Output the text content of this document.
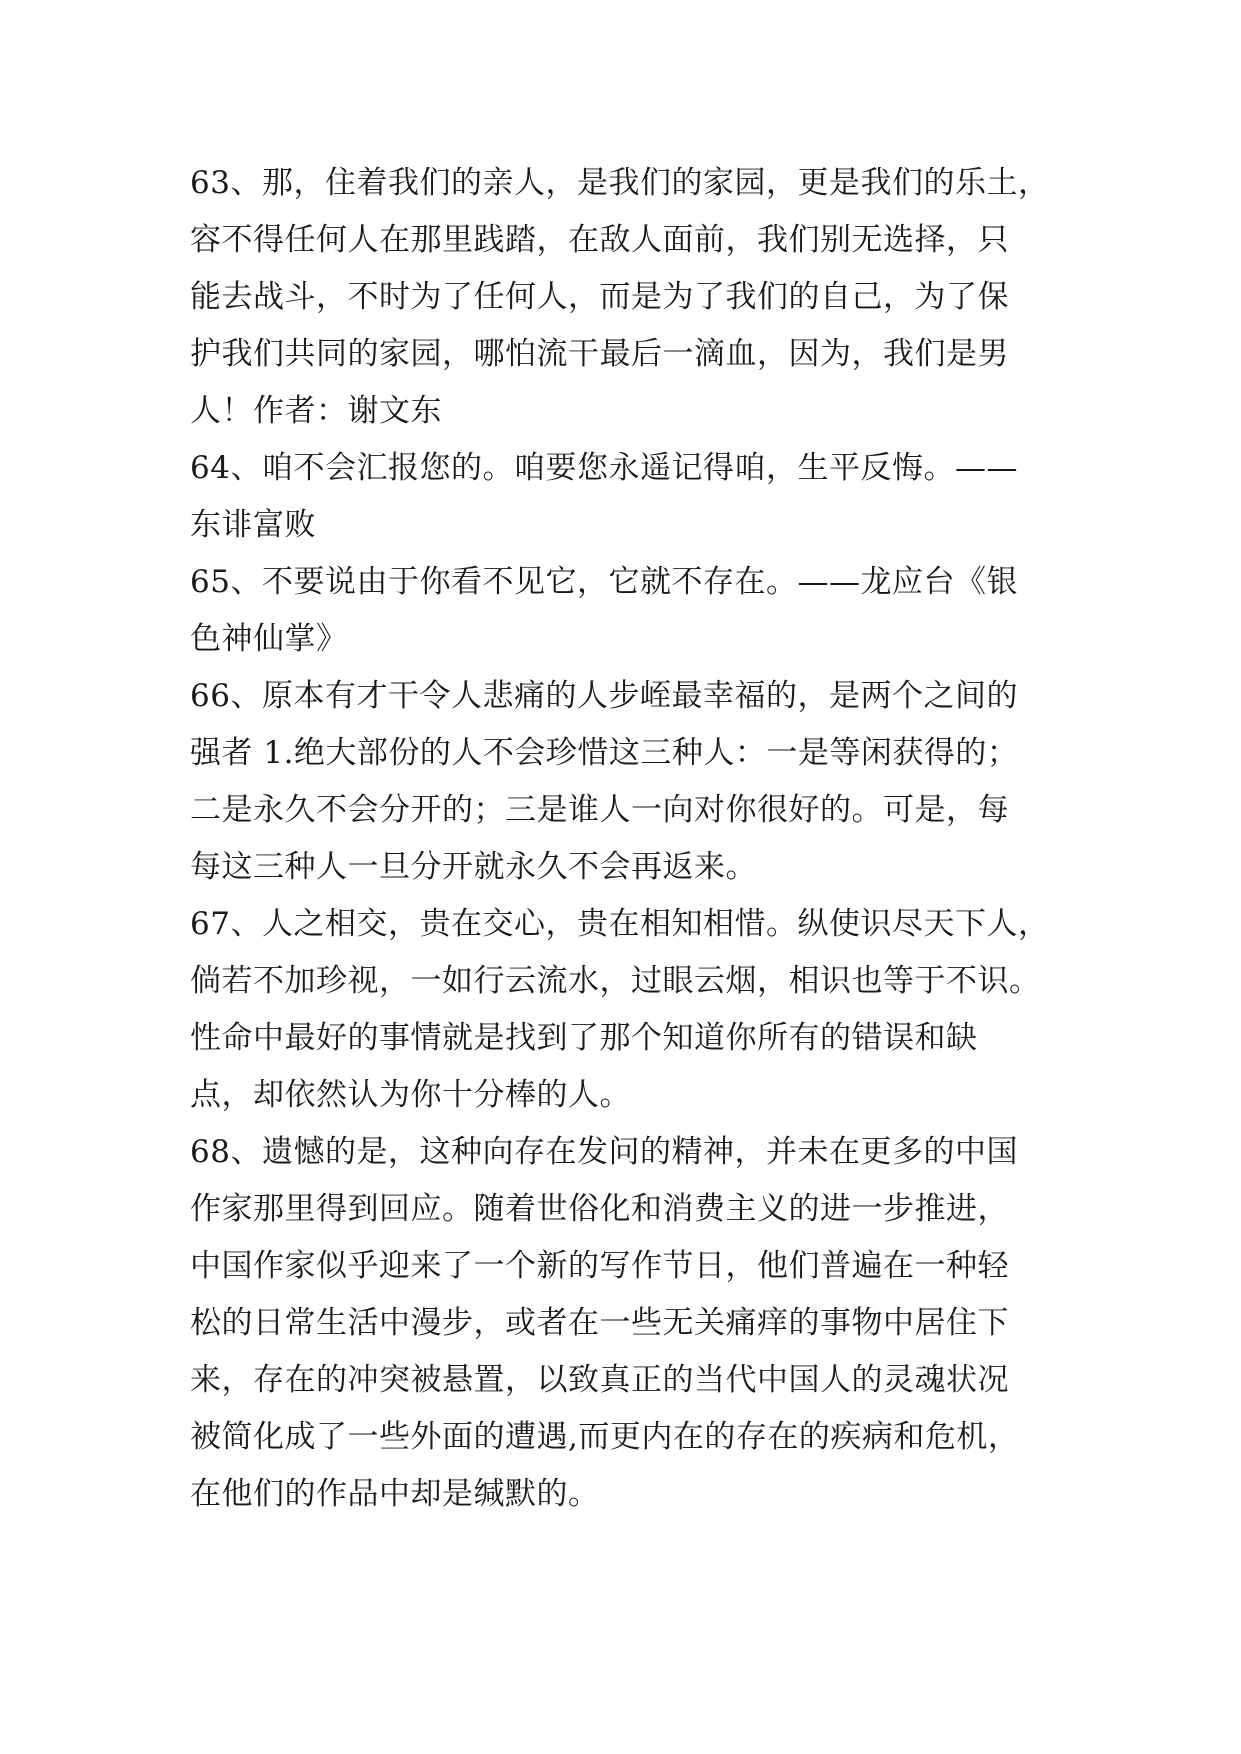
63、那，住着我们的亲人，是我们的家园，更是我们的乐土，
容不得任何人在那里践踏，在敌人面前，我们别无选择，只
能去战斗，不时为了任何人，而是为了我们的自己，为了保
护我们共同的家园，哪怕流干最后一滴血，因为，我们是男
人！作者：谢文东
64、咱不会汇报您的。咱要您永遥记得咱，生平反悔。——
东诽富败
65、不要说由于你看不见它，它就不存在。——龙应台《银
色神仙掌》
66、原本有才干令人悲痛的人步峌最幸福的，是两个之间的
强者 1.绝大部份的人不会珍惜这三种人：一是等闲获得的；
二是永久不会分开的；三是谁人一向对你很好的。可是，每
每这三种人一旦分开就永久不会再返来。
67、人之相交，贵在交心，贵在相知相惜。纵使识尽天下人，
倘若不加珍视，一如行云流水，过眼云烟，相识也等于不识。
性命中最好的事情就是找到了那个知道你所有的错误和缺
点，却依然认为你十分棒的人。
68、遗憾的是，这种向存在发问的精神，并未在更多的中国
作家那里得到回应。随着世俗化和消费主义的进一步推进，
中国作家似乎迎来了一个新的写作节日，他们普遍在一种轻
松的日常生活中漫步，或者在一些无关痛痒的事物中居住下
来，存在的冲突被悬置，以致真正的当代中国人的灵魂状况
被简化成了一些外面的遭遇,而更内在的存在的疾病和危机，
在他们的作品中却是缄默的。
